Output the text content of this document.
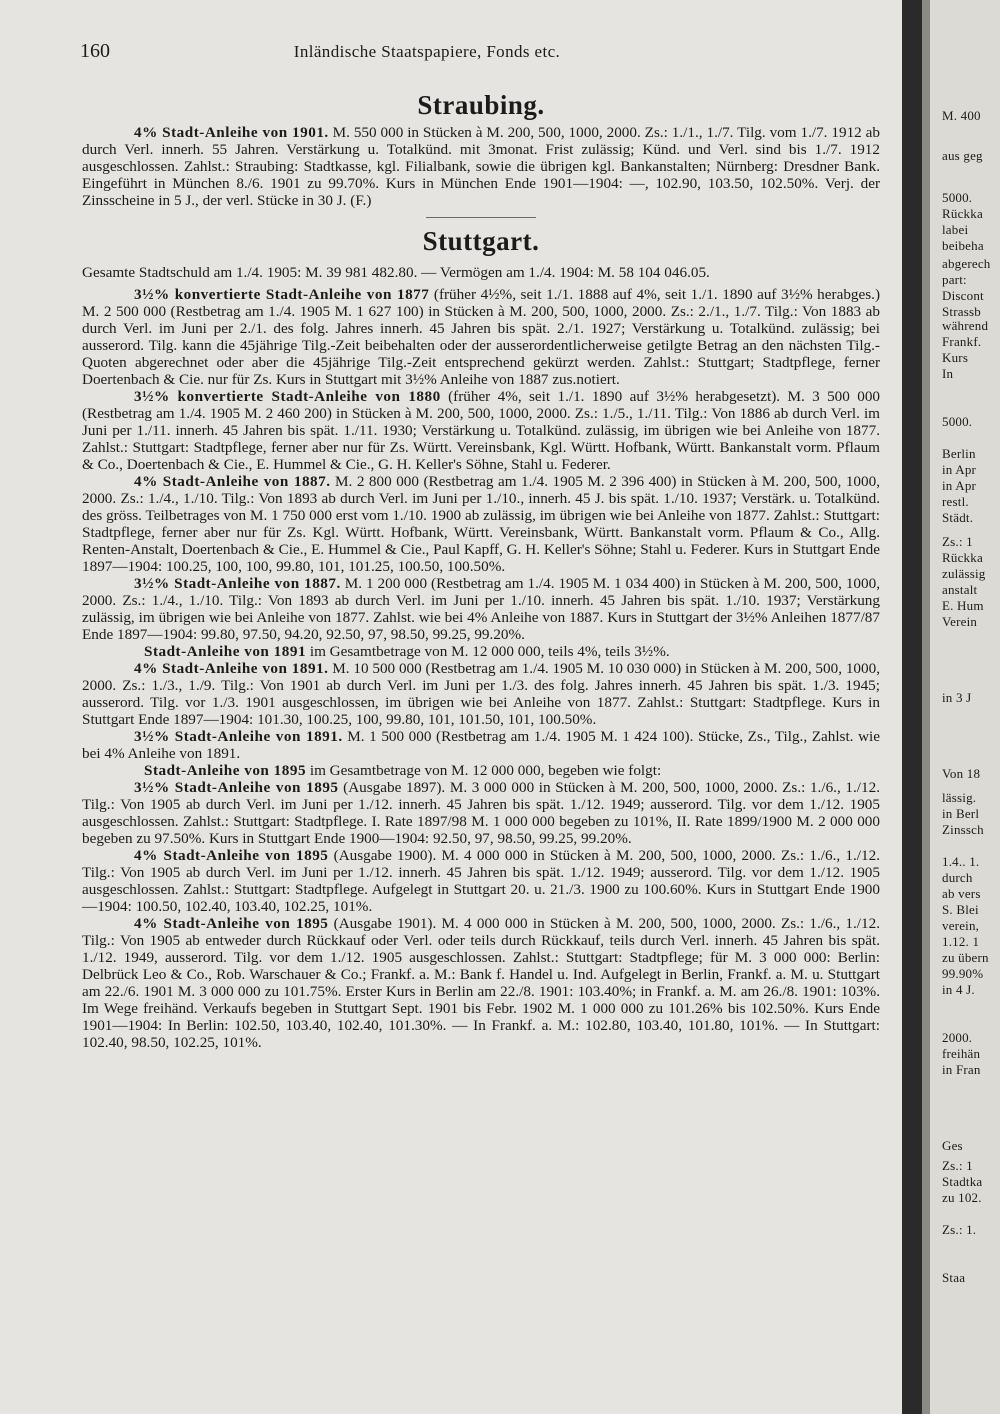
160	Inländische Staatspapiere, Fonds etc.
Straubing.

4% Stadt-Anleihe von 1901. M. 550 000 in Stücken à M. 200, 500, 1000, 2000. Zs.: 1./1., 1./7. Tilg. vom 1./7. 1912 ab durch Verl. innerh. 55 Jahren. Verstärkung u. Totalkünd. mit 3monat. Frist zulässig; Künd. und Verl. sind bis 1./7. 1912 ausgeschlossen. Zahlst.: Straubing: Stadtkasse, kgl. Filialbank, sowie die übrigen kgl. Bankanstalten; Nürnberg: Dresdner Bank. Eingeführt in München 8./6. 1901 zu 99.70%. Kurs in München Ende 1901—1904: —, 102.90, 103.50, 102.50%. Verj. der Zinsscheine in 5 J., der verl. Stücke in 30 J. (F.)

Stuttgart.

Gesamte Stadtschuld am 1./4. 1905: M. 39 981 482.80. — Vermögen am 1./4. 1904: M. 58 104 046.05.

3½% konvertierte Stadt-Anleihe von 1877 (früher 4½%, seit 1./1. 1888 auf 4%, seit 1./1. 1890 auf 3½% herabges.) M. 2 500 000 (Restbetrag am 1./4. 1905 M. 1 627 100) in Stücken à M. 200, 500, 1000, 2000. Zs.: 2./1., 1./7. Tilg.: Von 1883 ab durch Verl. im Juni per 2./1. des folg. Jahres innerh. 45 Jahren bis spät. 2./1. 1927; Verstärkung u. Totalkünd. zulässig; bei ausserord. Tilg. kann die 45jährige Tilg.-Zeit beibehalten oder der ausserordentlicherweise getilgte Betrag an den nächsten Tilg.-Quoten abgerechnet oder aber die 45jährige Tilg.-Zeit entsprechend gekürzt werden. Zahlst.: Stuttgart; Stadtpflege, ferner Doertenbach & Cie. nur für Zs. Kurs in Stuttgart mit 3½% Anleihe von 1887 zus.notiert.

3½% konvertierte Stadt-Anleihe von 1880 (früher 4%, seit 1./1. 1890 auf 3½% herabgesetzt). M. 3 500 000 (Restbetrag am 1./4. 1905 M. 2 460 200) in Stücken à M. 200, 500, 1000, 2000. Zs.: 1./5., 1./11. Tilg.: Von 1886 ab durch Verl. im Juni per 1./11. innerh. 45 Jahren bis spät. 1./11. 1930; Verstärkung u. Totalkünd. zulässig, im übrigen wie bei Anleihe von 1877. Zahlst.: Stuttgart: Stadtpflege, ferner aber nur für Zs. Württ. Vereinsbank, Kgl. Württ. Hofbank, Württ. Bankanstalt vorm. Pflaum & Co., Doertenbach & Cie., E. Hummel & Cie., G. H. Keller's Söhne, Stahl u. Federer.

4% Stadt-Anleihe von 1887. M. 2 800 000 (Restbetrag am 1./4. 1905 M. 2 396 400) in Stücken à M. 200, 500, 1000, 2000. Zs.: 1./4., 1./10. Tilg.: Von 1893 ab durch Verl. im Juni per 1./10., innerh. 45 J. bis spät. 1./10. 1937; Verstärk. u. Totalkünd. des gröss. Teilbetrages von M. 1 750 000 erst vom 1./10. 1900 ab zulässig, im übrigen wie bei Anleihe von 1877. Zahlst.: Stuttgart: Stadtpflege, ferner aber nur für Zs. Kgl. Württ. Hofbank, Württ. Vereinsbank, Württ. Bankanstalt vorm. Pflaum & Co., Allg. Renten-Anstalt, Doertenbach & Cie., E. Hummel & Cie., Paul Kapff, G. H. Keller's Söhne; Stahl u. Federer. Kurs in Stuttgart Ende 1897—1904: 100.25, 100, 100, 99.80, 101, 101.25, 100.50, 100.50%.

3½% Stadt-Anleihe von 1887. M. 1 200 000 (Restbetrag am 1./4. 1905 M. 1 034 400) in Stücken à M. 200, 500, 1000, 2000. Zs.: 1./4., 1./10. Tilg.: Von 1893 ab durch Verl. im Juni per 1./10. innerh. 45 Jahren bis spät. 1./10. 1937; Verstärkung zulässig, im übrigen wie bei Anleihe von 1877. Zahlst. wie bei 4% Anleihe von 1887. Kurs in Stuttgart der 3½% Anleihen 1877/87 Ende 1897—1904: 99.80, 97.50, 94.20, 92.50, 97, 98.50, 99.25, 99.20%.

Stadt-Anleihe von 1891 im Gesamtbetrage von M. 12 000 000, teils 4%, teils 3½%.

4% Stadt-Anleihe von 1891. M. 10 500 000 (Restbetrag am 1./4. 1905 M. 10 030 000) in Stücken à M. 200, 500, 1000, 2000. Zs.: 1./3., 1./9. Tilg.: Von 1901 ab durch Verl. im Juni per 1./3. des folg. Jahres innerh. 45 Jahren bis spät. 1./3. 1945; ausserord. Tilg. vor 1./3. 1901 ausgeschlossen, im übrigen wie bei Anleihe von 1877. Zahlst.: Stuttgart: Stadtpflege. Kurs in Stuttgart Ende 1897—1904: 101.30, 100.25, 100, 99.80, 101, 101.50, 101, 100.50%.

3½% Stadt-Anleihe von 1891. M. 1 500 000 (Restbetrag am 1./4. 1905 M. 1 424 100). Stücke, Zs., Tilg., Zahlst. wie bei 4% Anleihe von 1891.

Stadt-Anleihe von 1895 im Gesamtbetrage von M. 12 000 000, begeben wie folgt:

3½% Stadt-Anleihe von 1895 (Ausgabe 1897). M. 3 000 000 in Stücken à M. 200, 500, 1000, 2000. Zs.: 1./6., 1./12. Tilg.: Von 1905 ab durch Verl. im Juni per 1./12. innerh. 45 Jahren bis spät. 1./12. 1949; ausserord. Tilg. vor dem 1./12. 1905 ausgeschlossen. Zahlst.: Stuttgart: Stadtpflege. I. Rate 1897/98 M. 1 000 000 begeben zu 101%, II. Rate 1899/1900 M. 2 000 000 begeben zu 97.50%. Kurs in Stuttgart Ende 1900—1904: 92.50, 97, 98.50, 99.25, 99.20%.

4% Stadt-Anleihe von 1895 (Ausgabe 1900). M. 4 000 000 in Stücken à M. 200, 500, 1000, 2000. Zs.: 1./6., 1./12. Tilg.: Von 1905 ab durch Verl. im Juni per 1./12. innerh. 45 Jahren bis spät. 1./12. 1949; ausserord. Tilg. vor dem 1./12. 1905 ausgeschlossen. Zahlst.: Stuttgart: Stadtpflege. Aufgelegt in Stuttgart 20. u. 21./3. 1900 zu 100.60%. Kurs in Stuttgart Ende 1900—1904: 100.50, 102.40, 103.40, 102.25, 101%.

4% Stadt-Anleihe von 1895 (Ausgabe 1901). M. 4 000 000 in Stücken à M. 200, 500, 1000, 2000. Zs.: 1./6., 1./12. Tilg.: Von 1905 ab entweder durch Rückkauf oder Verl. oder teils durch Rückkauf, teils durch Verl. innerh. 45 Jahren bis spät. 1./12. 1949, ausserord. Tilg. vor dem 1./12. 1905 ausgeschlossen. Zahlst.: Stuttgart: Stadtpflege; für M. 3 000 000: Berlin: Delbrück Leo & Co., Rob. Warschauer & Co.; Frankf. a. M.: Bank f. Handel u. Ind. Aufgelegt in Berlin, Frankf. a. M. u. Stuttgart am 22./6. 1901 M. 3 000 000 zu 101.75%. Erster Kurs in Berlin am 22./8. 1901: 103.40%; in Frankf. a. M. am 26./8. 1901: 103%. Im Wege freihänd. Verkaufs begeben in Stuttgart Sept. 1901 bis Febr. 1902 M. 1 000 000 zu 101.26% bis 102.50%. Kurs Ende 1901—1904: In Berlin: 102.50, 103.40, 102.40, 101.30%. — In Frankf. a. M.: 102.80, 103.40, 101.80, 101%. — In Stuttgart: 102.40, 98.50, 102.25, 101%.

M. 400
aus geg
5000.
Rückka
labei
beibeha
abgerech
part:
Discont
Strassb
während
Frankf.
Kurs
In
5000.
Berlin
in Apr
in Apr
restl.
Städt.
Zs.: 1
Rückka
zulässig
anstalt
E. Hum
Verein
in 3 J
Von 18
lässig.
in Berl
Zinssch
1.4.. 1.
durch
ab vers
S. Blei
verein,
1.12. 1
zu übern
99.90%
in 4 J.
2000.
freihän
in Fran
Ges
Zs.: 1
Stadtka
zu 102.
Zs.: 1.
Staa
